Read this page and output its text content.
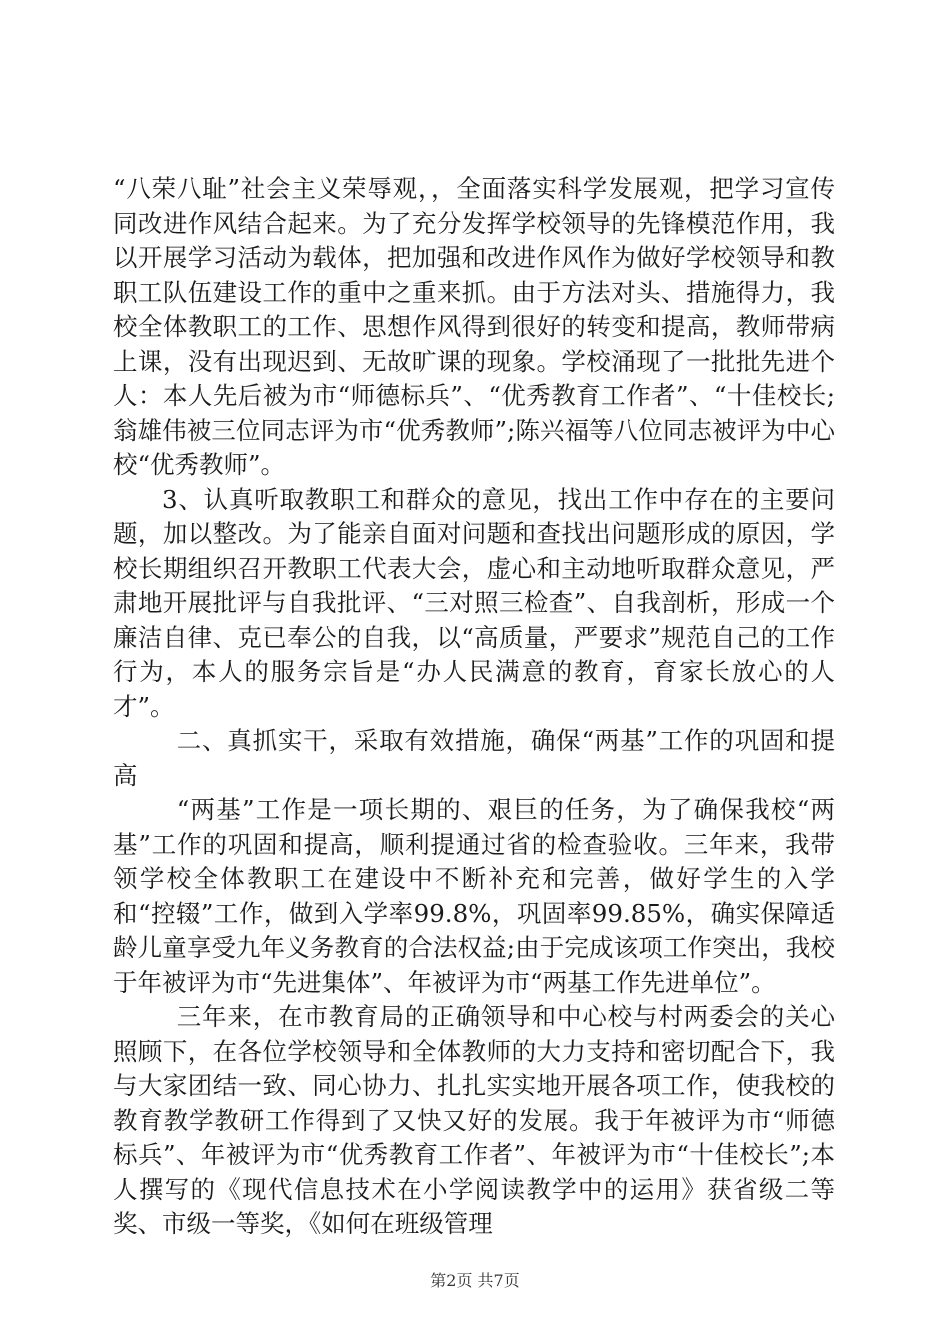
“八荣八耻”社会主义荣辱观，，全面落实科学发展观，把学习宣传同改进作风结合起来。为了充分发挥学校领导的先锋模范作用，我以开展学习活动为载体，把加强和改进作风作为做好学校领导和教职工队伍建设工作的重中之重来抓。由于方法对头、措施得力，我校全体教职工的工作、思想作风得到很好的转变和提高，教师带病上课，没有出现迟到、无故旷课的现象。学校涌现了一批批先进个人：本人先后被为市“师德标兵”、“优秀教育工作者”、“十佳校长;翁雄伟被三位同志评为市“优秀教师”;陈兴福等八位同志被评为中心校“优秀教师”。

3、认真听取教职工和群众的意见，找出工作中存在的主要问题，加以整改。为了能亲自面对问题和查找出问题形成的原因，学校长期组织召开教职工代表大会，虚心和主动地听取群众意见，严肃地开展批评与自我批评、“三对照三检查”、自我剖析，形成一个廉洁自律、克已奉公的自我，以“高质量，严要求”规范自己的工作行为，本人的服务宗旨是“办人民满意的教育，育家长放心的人才”。

二、真抓实干，采取有效措施，确保“两基”工作的巩固和提高

“两基”工作是一项长期的、艰巨的任务，为了确保我校“两基”工作的巩固和提高，顺利提通过省的检查验收。三年来，我带领学校全体教职工在建设中不断补充和完善，做好学生的入学和“控辍”工作，做到入学率99.8%，巩固率99.85%，确实保障适龄儿童享受九年义务教育的合法权益;由于完成该项工作突出，我校于年被评为市“先进集体”、年被评为市“两基工作先进单位”。

三年来，在市教育局的正确领导和中心校与村两委会的关心照顾下，在各位学校领导和全体教师的大力支持和密切配合下，我与大家团结一致、同心协力、扎扎实实地开展各项工作，使我校的教育教学教研工作得到了又快又好的发展。我于年被评为市“师德标兵”、年被评为市“优秀教育工作者”、年被评为市“十佳校长”;本人撰写的《现代信息技术在小学阅读教学中的运用》获省级二等奖、市级一等奖，《如何在班级管理

第2页 共7页
